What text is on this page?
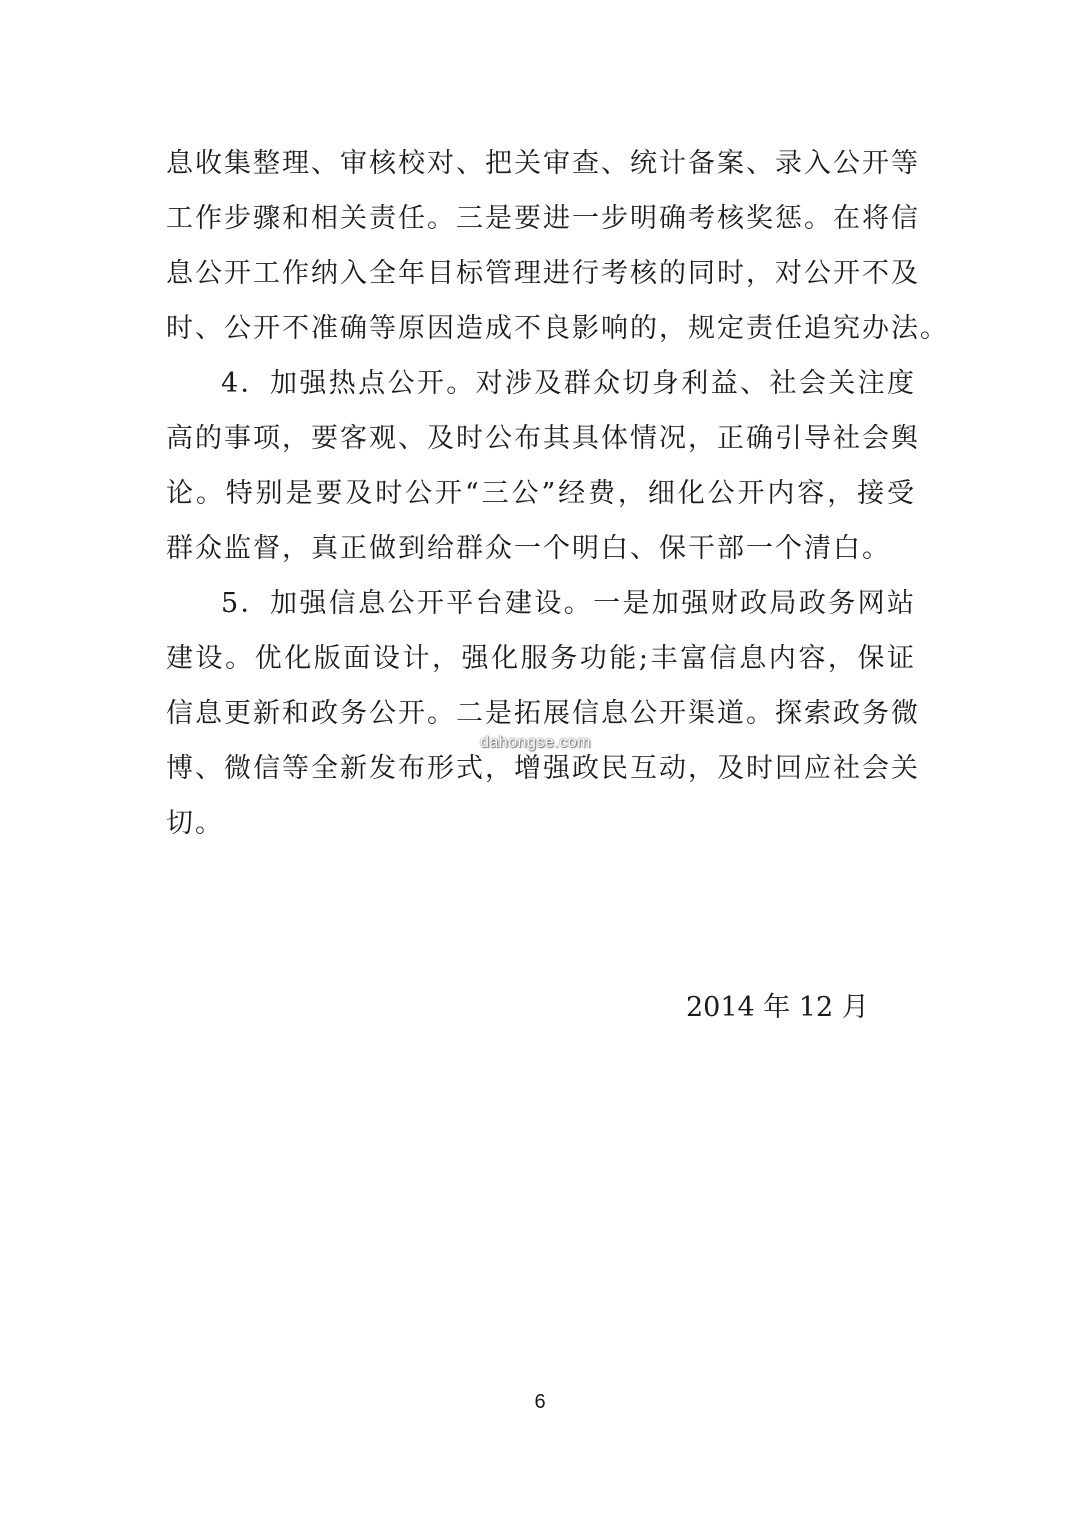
息收集整理、审核校对、把关审查、统计备案、录入公开等
工作步骤和相关责任。三是要进一步明确考核奖惩。在将信
息公开工作纳入全年目标管理进行考核的同时，对公开不及
时、公开不准确等原因造成不良影响的，规定责任追究办法。
4．加强热点公开。对涉及群众切身利益、社会关注度
高的事项，要客观、及时公布其具体情况，正确引导社会舆
论。特别是要及时公开“三公”经费，细化公开内容，接受
群众监督，真正做到给群众一个明白、保干部一个清白。
5．加强信息公开平台建设。一是加强财政局政务网站
建设。优化版面设计，强化服务功能;丰富信息内容，保证
信息更新和政务公开。二是拓展信息公开渠道。探索政务微
博、微信等全新发布形式，增强政民互动，及时回应社会关
切。
dahongse.com
2014 年 12 月
6
